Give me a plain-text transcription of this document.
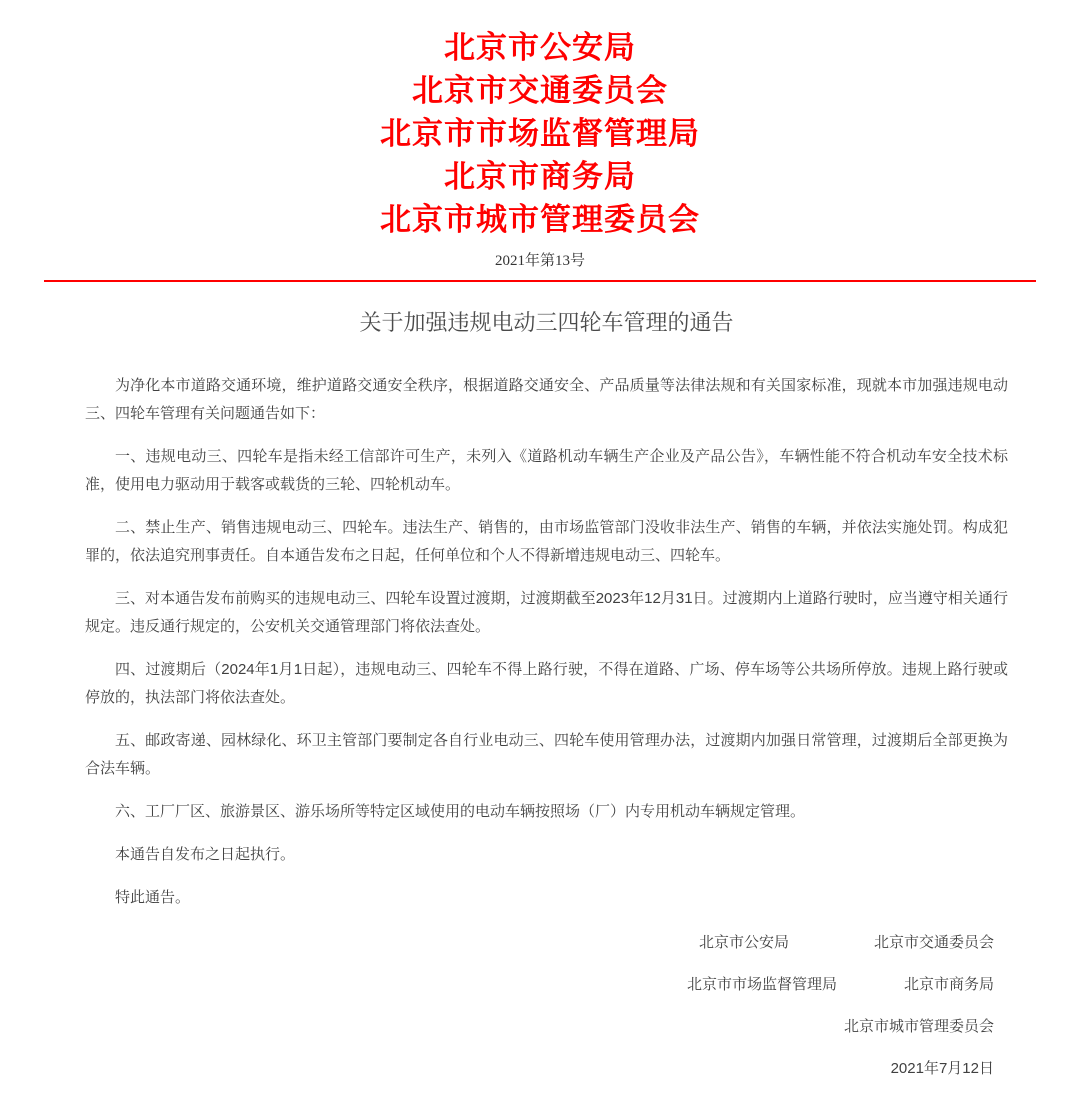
北京市公安局
北京市交通委员会
北京市市场监督管理局
北京市商务局
北京市城市管理委员会
2021年第13号
关于加强违规电动三四轮车管理的通告

为净化本市道路交通环境，维护道路交通安全秩序，根据道路交通安全、产品质量等法律法规和有关国家标准，现就本市加强违规电动三、四轮车管理有关问题通告如下：

一、违规电动三、四轮车是指未经工信部许可生产，未列入《道路机动车辆生产企业及产品公告》，车辆性能不符合机动车安全技术标准，使用电力驱动用于载客或载货的三轮、四轮机动车。

二、禁止生产、销售违规电动三、四轮车。违法生产、销售的，由市场监管部门没收非法生产、销售的车辆，并依法实施处罚。构成犯罪的，依法追究刑事责任。自本通告发布之日起，任何单位和个人不得新增违规电动三、四轮车。

三、对本通告发布前购买的违规电动三、四轮车设置过渡期，过渡期截至2023年12月31日。过渡期内上道路行驶时，应当遵守相关通行规定。违反通行规定的，公安机关交通管理部门将依法查处。

四、过渡期后（2024年1月1日起），违规电动三、四轮车不得上路行驶，不得在道路、广场、停车场等公共场所停放。违规上路行驶或停放的，执法部门将依法查处。

五、邮政寄递、园林绿化、环卫主管部门要制定各自行业电动三、四轮车使用管理办法，过渡期内加强日常管理，过渡期后全部更换为合法车辆。

六、工厂厂区、旅游景区、游乐场所等特定区域使用的电动车辆按照场（厂）内专用机动车辆规定管理。

本通告自发布之日起执行。

特此通告。

北京市公安局	北京市交通委员会
北京市市场监督管理局	北京市商务局
北京市城市管理委员会
2021年7月12日
